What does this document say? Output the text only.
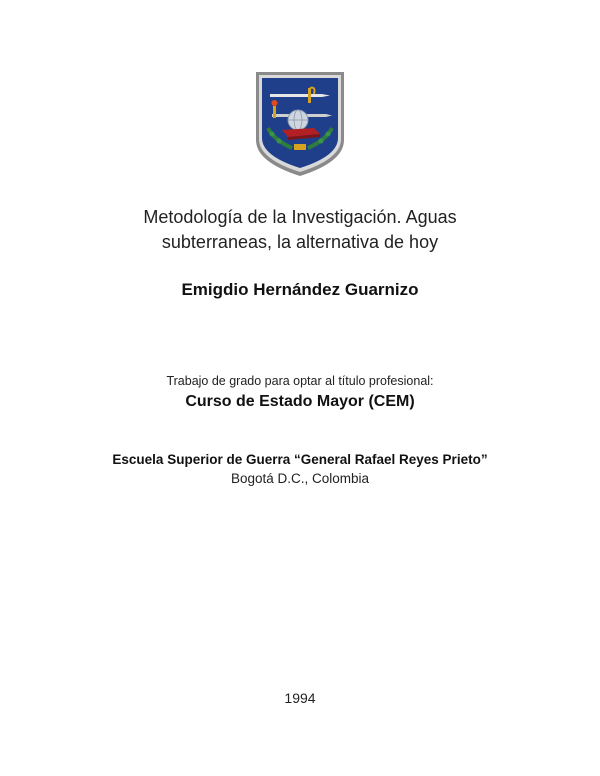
Metodología de la Investigación. Aguas
subterraneas, la alternativa de hoy
Emigdio Hernández Guarnizo
Trabajo de grado para optar al título profesional:
Curso de Estado Mayor (CEM)
Escuela Superior de Guerra “General Rafael Reyes Prieto”
Bogotá D.C., Colombia
1994
